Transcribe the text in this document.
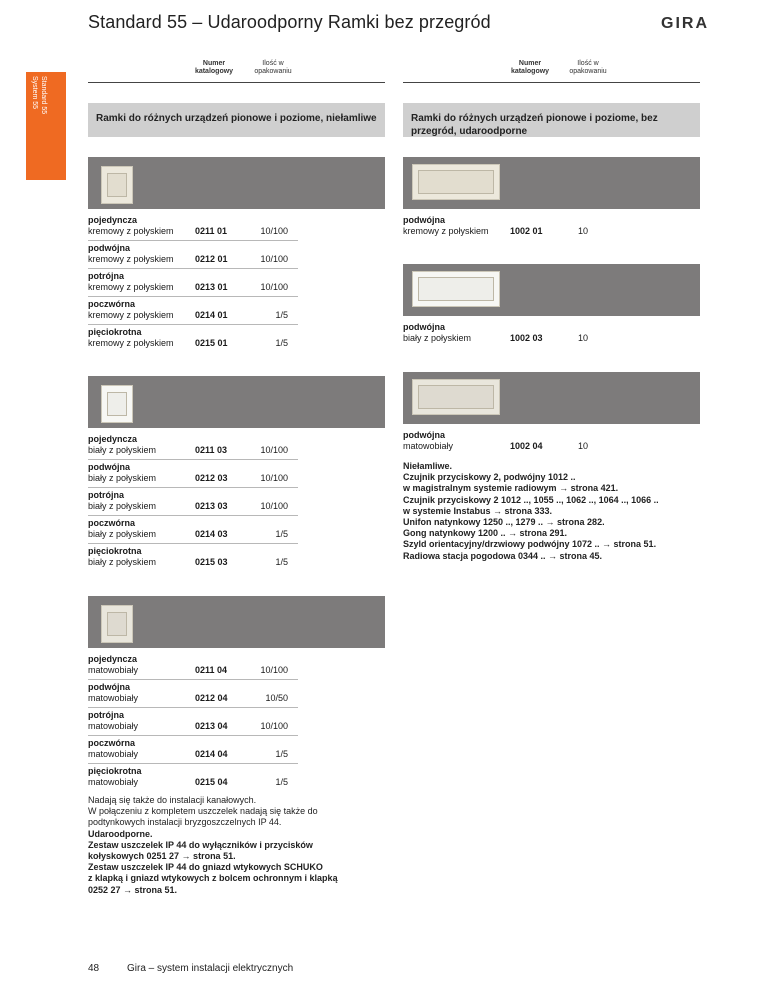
Standard 55 – Udaroodporny Ramki bez przegród	GIRA
Standard 55
System 55
Numer katalogowy
Ilość w opakowaniu
Numer katalogowy
Ilość w opakowaniu
Ramki do różnych urządzeń pionowe i poziome, niełamliwe	Ramki do różnych urządzeń pionowe i poziome, bez przegród, udaroodporne
pojedyncza
kremowy z połyskiem	0211 01	10/100
podwójna
kremowy z połyskiem	0212 01	10/100
potrójna
kremowy z połyskiem	0213 01	10/100
poczwórna
kremowy z połyskiem	0214 01	1/5
pięciokrotna
kremowy z połyskiem	0215 01	1/5
pojedyncza
biały z połyskiem	0211 03	10/100
podwójna
biały z połyskiem	0212 03	10/100
potrójna
biały z połyskiem	0213 03	10/100
poczwórna
biały z połyskiem	0214 03	1/5
pięciokrotna
biały z połyskiem	0215 03	1/5
pojedyncza
matowobiały	0211 04	10/100
podwójna
matowobiały	0212 04	10/50
potrójna
matowobiały	0213 04	10/100
poczwórna
matowobiały	0214 04	1/5
pięciokrotna
matowobiały	0215 04	1/5
Nadają się także do instalacji kanałowych.
W połączeniu z kompletem uszczelek nadają się także do
podtynkowych instalacji bryzgoszczelnych IP 44.
Udaroodporne.
Zestaw uszczelek IP 44 do wyłączników i przycisków
kołyskowych 0251 27 → strona 51.
Zestaw uszczelek IP 44 do gniazd wtykowych SCHUKO
z klapką i gniazd wtykowych z bolcem ochronnym i klapką
0252 27 → strona 51.
podwójna
kremowy z połyskiem	1002 01	10
podwójna
biały z połyskiem	1002 03	10
podwójna
matowobiały	1002 04	10
Niełamliwe.
Czujnik przyciskowy 2, podwójny 1012 ..
w magistralnym systemie radiowym → strona 421.
Czujnik przyciskowy 2 1012 .., 1055 .., 1062 .., 1064 .., 1066 ..
w systemie Instabus → strona 333.
Unifon natynkowy 1250 .., 1279 .. → strona 282.
Gong natynkowy 1200 .. → strona 291.
Szyld orientacyjny/drzwiowy podwójny 1072 .. → strona 51.
Radiowa stacja pogodowa 0344 .. → strona 45.
48	Gira – system instalacji elektrycznych
